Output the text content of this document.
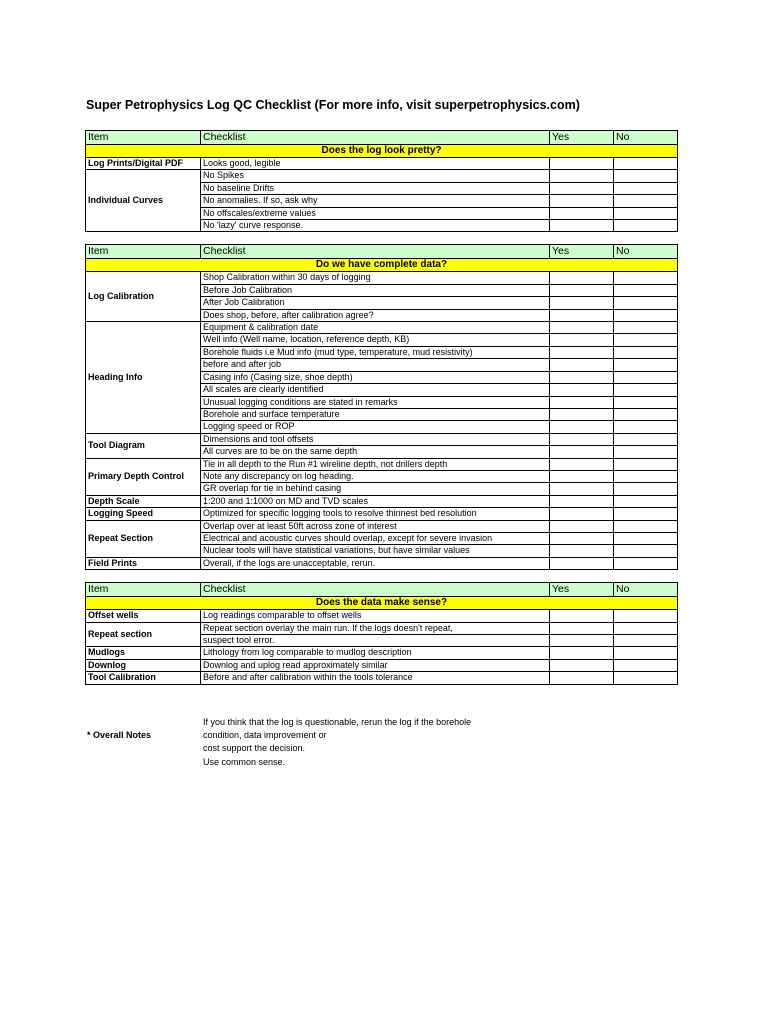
Super Petrophysics Log QC Checklist (For more info, visit superpetrophysics.com)
Item	Checklist	Yes	No
Does the log look pretty?			
Log Prints/Digital PDF	Looks good, legible		
Individual Curves	No Spikes		
	No baseline Drifts		
	No anomalies. If so, ask why		
	No offscales/extreme values		
	No 'lazy' curve response.		
Item	Checklist	Yes	No
Do we have complete data?			
Log Calibration	Shop Calibration within 30 days of logging		
	Before Job Calibration		
	After Job Calibration		
	Does shop, before, after calibration agree?		
Heading Info	Equipment & calibration date		
	Well info (Well name, location, reference depth, KB)		
	Borehole fluids i.e Mud info (mud type, temperature, mud resistivity)		
	before and after job		
	Casing info (Casing size, shoe depth)		
	All scales are clearly identified		
	Unusual logging conditions are stated in remarks		
	Borehole and surface temperature		
	Logging speed or ROP		
Tool Diagram	Dimensions and tool offsets		
	All curves are to be on the same depth		
Primary Depth Control	Tie in all depth to the Run #1 wireline depth, not drillers depth		
	Note any discrepancy on log heading.		
	GR overlap for tie in behind casing		
Depth Scale	1:200 and 1:1000 on MD and TVD scales		
Logging Speed	Optimized for specific logging tools to resolve thinnest bed resolution		
Repeat Section	Overlap over at least 50ft across zone of interest		
	Electrical and acoustic curves should overlap, except for severe invasion		
	Nuclear tools will have statistical variations, but have similar values		
Field Prints	Overall, if the logs are unacceptable, rerun.		
Item	Checklist	Yes	No
Does the data make sense?			
Offset wells	Log readings comparable to offset wells		
Repeat section	Repeat section overlay the main run. If the logs doesn't repeat,		
	suspect tool error.		
Mudlogs	Lithology from log comparable to mudlog description		
Downlog	Downlog and uplog read approximately similar		
Tool Calibration	Before and after calibration within the tools tolerance		
* Overall Notes
If you think that the log is questionable, rerun the log if the borehole
condition, data improvement or
cost support the decision.
Use common sense.
